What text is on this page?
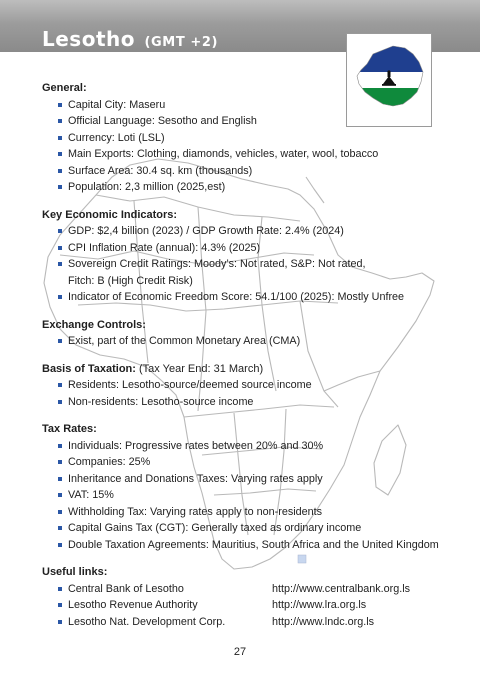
Lesotho (GMT +2)
General:
Capital City: Maseru
Official Language: Sesotho and English
Currency: Loti (LSL)
Main Exports: Clothing, diamonds, vehicles, water, wool, tobacco
Surface Area: 30.4 sq. km (thousands)
Population: 2,3 million (2025,est)
Key Economic Indicators:
GDP: $2,4 billion (2023) / GDP Growth Rate: 2.4% (2024)
CPI Inflation Rate (annual): 4.3% (2025)
Sovereign Credit Ratings: Moody’s: Not rated, S&P: Not rated,
Fitch: B (High Credit Risk)
Indicator of Economic Freedom Score: 54.1/100 (2025): Mostly Unfree
Exchange Controls:
Exist, part of the Common Monetary Area (CMA)
Basis of Taxation: (Tax Year End: 31 March)
Residents: Lesotho-source/deemed source income
Non-residents: Lesotho-source income
Tax Rates:
Individuals: Progressive rates between 20% and 30%
Companies: 25%
Inheritance and Donations Taxes: Varying rates apply
VAT: 15%
Withholding Tax: Varying rates apply to non-residents
Capital Gains Tax (CGT): Generally taxed as ordinary income
Double Taxation Agreements: Mauritius, South Africa and the United Kingdom
Useful links:
Central Bank of Lesotho	http://www.centralbank.org.ls
Lesotho Revenue Authority	http://www.lra.org.ls
Lesotho Nat. Development Corp.	http://www.lndc.org.ls
27
